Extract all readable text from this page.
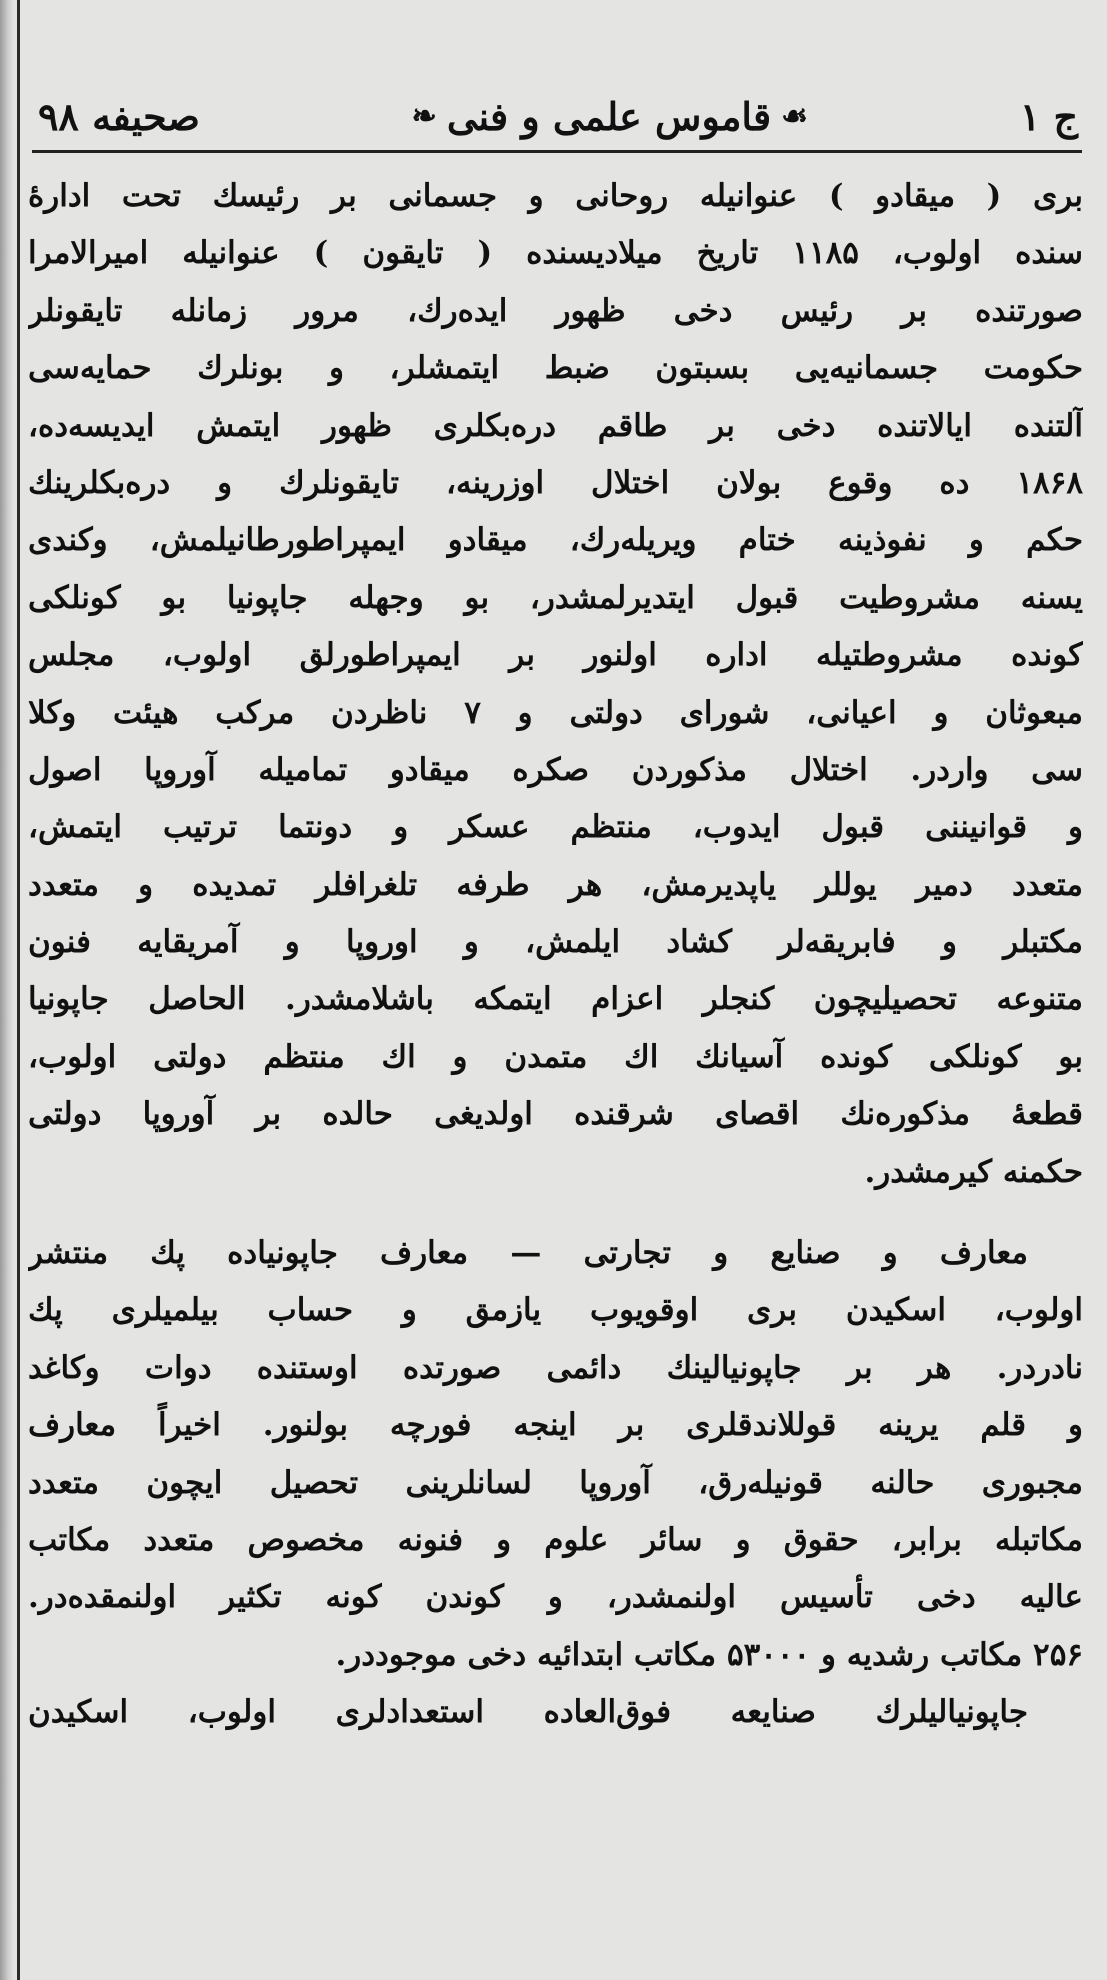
ج ۱
☙
قاموس علمی و فنی
❧
صحیفه ۹۸
بری ( میقادو ) عنوانیله روحانی و جسمانی بر رئیسك تحت ادارهٔ
سنده اولوب، ۱۱۸۵ تاریخ میلادیسنده ( تایقون ) عنوانیله امیرالامرا
صورتنده بر رئیس دخی ظهور ایده‌رك، مرور زمانله تایقونلر
حکومت جسمانیه‌یی بسبتون ضبط ایتمشلر، و بونلرك حمایه‌سی
آلتنده ایالاتنده دخی بر طاقم دره‌بکلری ظهور ایتمش ایدیسه‌ده،
۱۸۶۸ ده وقوع بولان اختلال اوزرینه، تایقونلرك و دره‌بکلرینك
حکم و نفوذینه ختام ویریله‌رك، میقادو ایمپراطورطانیلمش، وکندی
یسنه مشروطیت قبول ایتدیرلمشدر، بو وجهله جاپونیا بو کونلکی
کونده مشروطتیله اداره اولنور بر ایمپراطورلق اولوب، مجلس
مبعوثان و اعیانی، شورای دولتی و ۷ ناظردن مرکب هیئت وکلا
سی واردر. اختلال مذکوردن صکره میقادو تمامیله آوروپا اصول
و قوانیننی قبول ایدوب، منتظم عسکر و دونتما ترتیب ایتمش،
متعدد دمیر یوللر یاپدیرمش، هر طرفه تلغرافلر تمدیده و متعدد
مکتبلر و فابریقه‌لر کشاد ایلمش، و اوروپا و آمریقایه فنون
متنوعه تحصیلیچون کنجلر اعزام ایتمکه باشلامشدر. الحاصل جاپونیا
بو کونلکی کونده آسیانك اك متمدن و اك منتظم دولتی اولوب،
قطعهٔ مذکوره‌نك اقصای شرقنده اولدیغی حالده بر آوروپا دولتی
حکمنه کیرمشدر.
معارف و صنایع و تجارتی — معارف جاپونیاده پك منتشر
اولوب، اسکیدن بری اوقویوب یازمق و حساب بیلمیلری پك
نادردر. هر بر جاپونیالینك دائمی صورتده اوستنده دوات وکاغد
و قلم یرینه قوللاندقلری بر اینجه فورچه بولنور. اخیراً معارف
مجبوری حالنه قونیله‌رق، آوروپا لسانلرینی تحصیل ایچون متعدد
مکاتبله برابر، حقوق و سائر علوم و فنونه مخصوص متعدد مکاتب
عالیه دخی تأسیس اولنمشدر، و کوندن کونه تکثیر اولنمقده‌در.
۲۵۶ مکاتب رشدیه و ۵۳۰۰۰ مکاتب ابتدائیه دخی موجوددر.
جاپونیالیلرك صنایعه فوق‌العاده استعدادلری اولوب، اسکیدن
